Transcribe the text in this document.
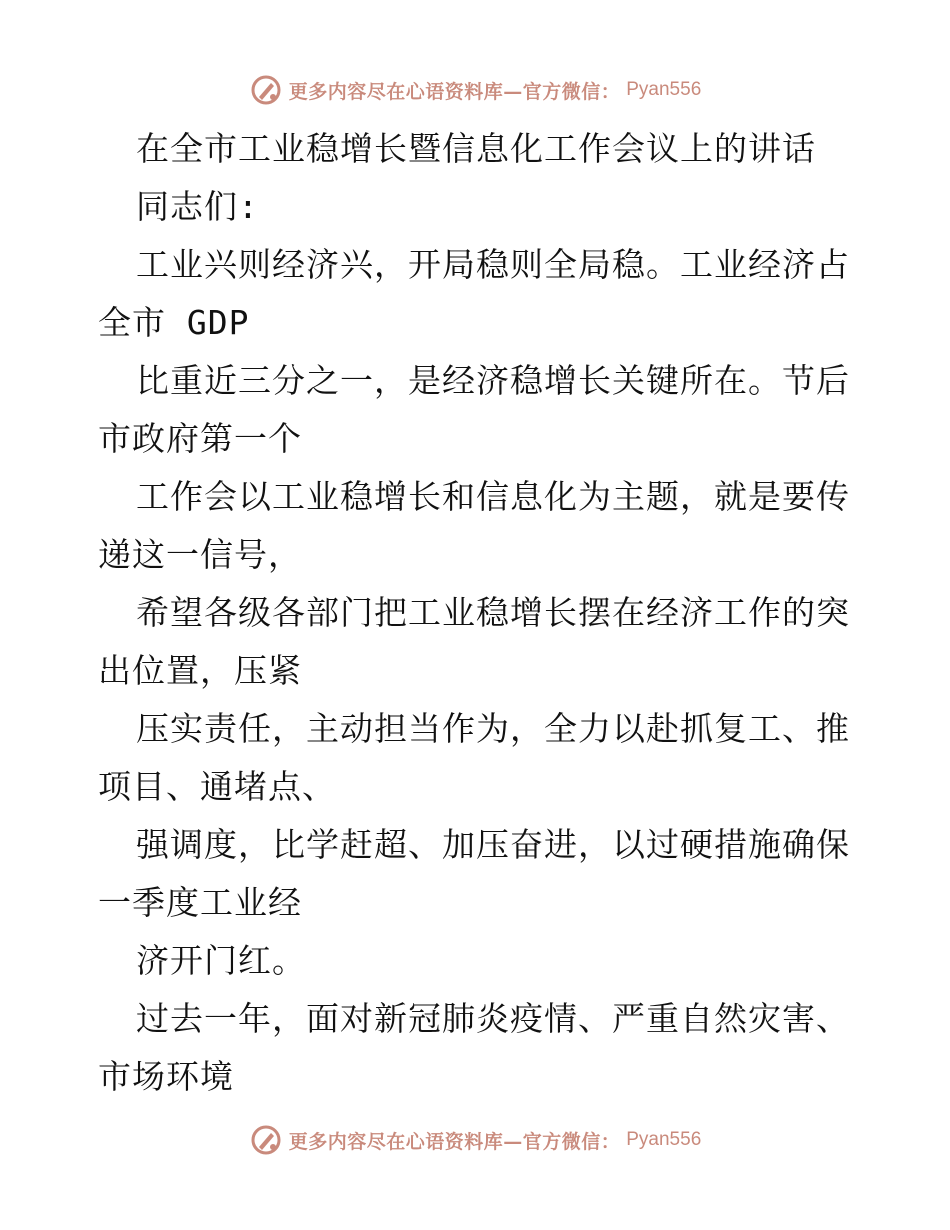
更多内容尽在心语资料库—官方微信： Pyan556
在全市工业稳增长暨信息化工作会议上的讲话
同志们:
工业兴则经济兴，开局稳则全局稳。工业经济占
全市 GDP
比重近三分之一，是经济稳增长关键所在。节后
市政府第一个
工作会以工业稳增长和信息化为主题，就是要传
递这一信号，
希望各级各部门把工业稳增长摆在经济工作的突
出位置，压紧
压实责任，主动担当作为，全力以赴抓复工、推
项目、通堵点、
强调度，比学赶超、加压奋进，以过硬措施确保
一季度工业经
济开门红。
过去一年，面对新冠肺炎疫情、严重自然灾害、
市场环境
更多内容尽在心语资料库—官方微信： Pyan556
